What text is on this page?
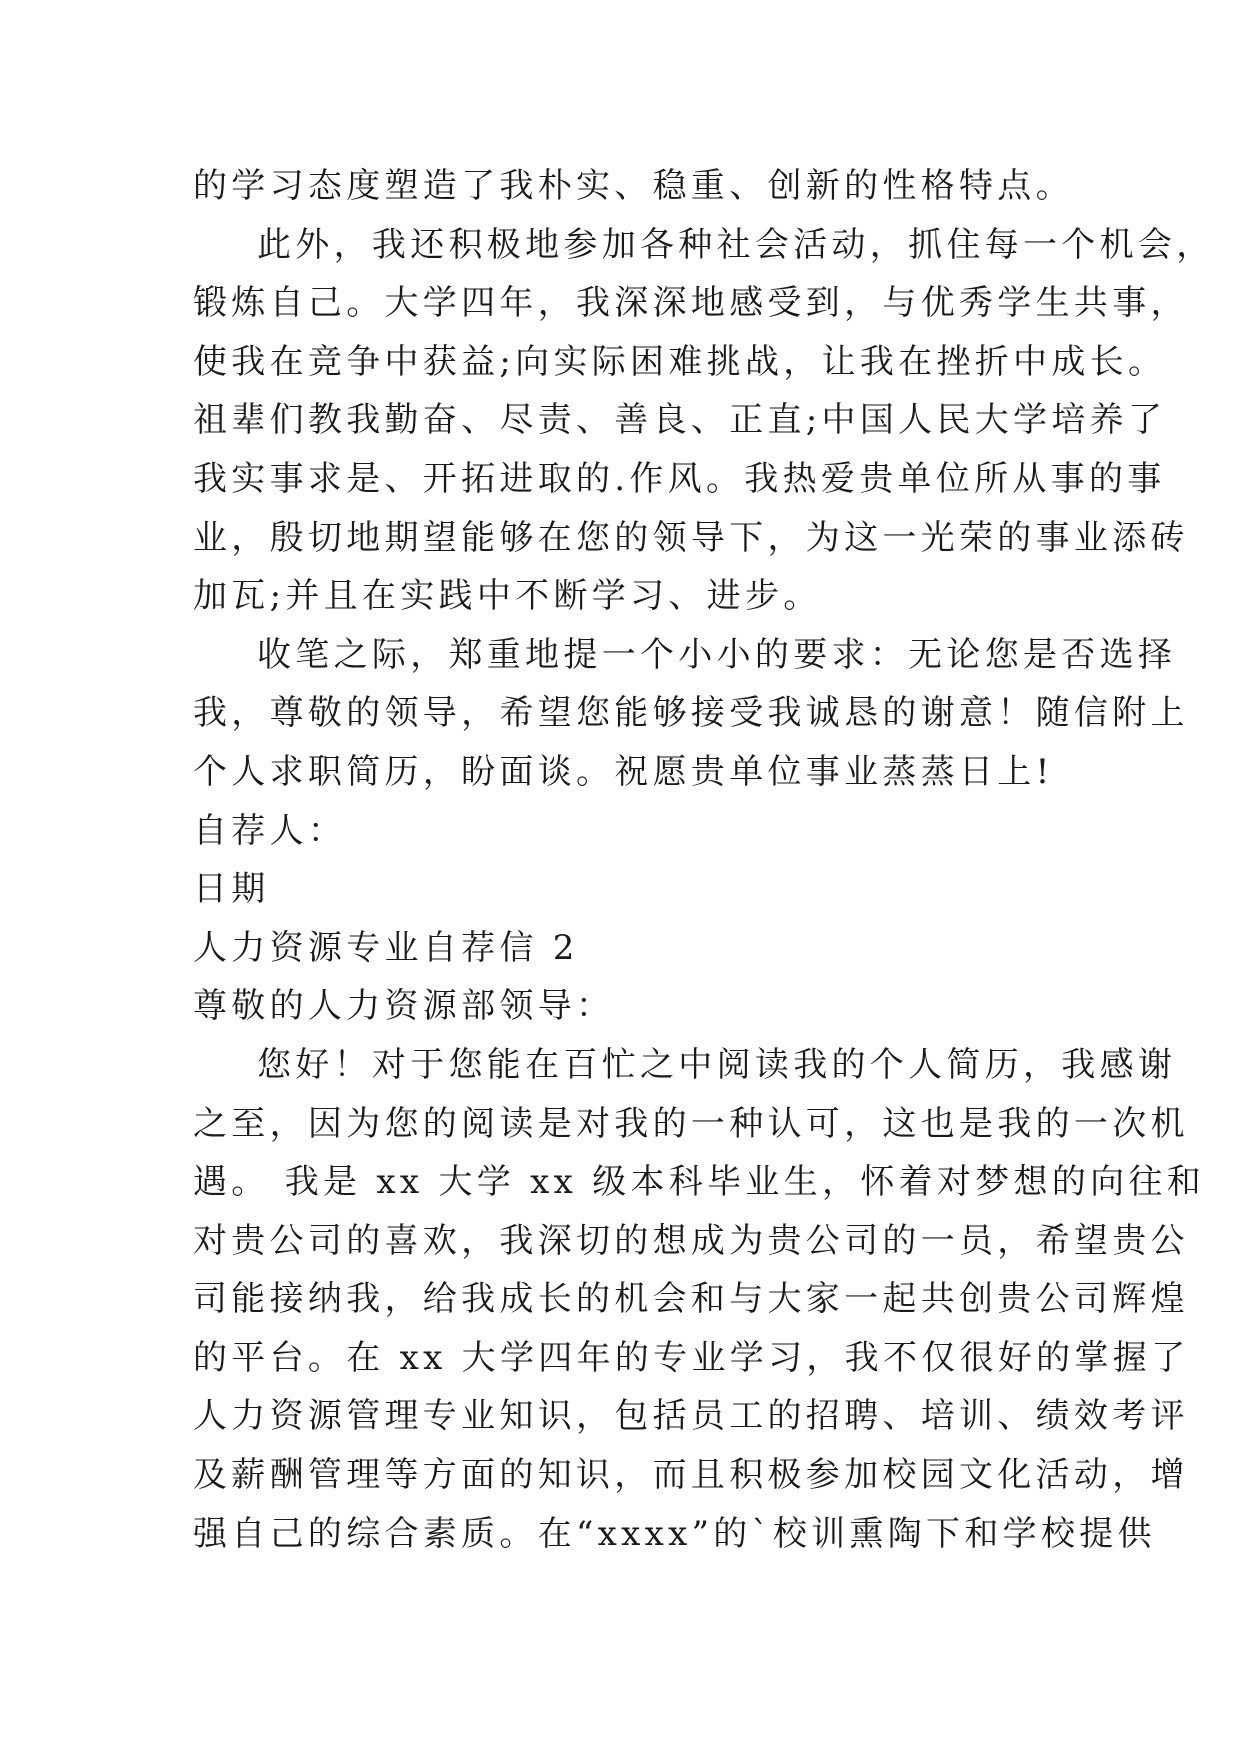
的学习态度塑造了我朴实、稳重、创新的性格特点。
此外，我还积极地参加各种社会活动，抓住每一个机会，
锻炼自己。大学四年，我深深地感受到，与优秀学生共事，
使我在竞争中获益;向实际困难挑战，让我在挫折中成长。
祖辈们教我勤奋、尽责、善良、正直;中国人民大学培养了
我实事求是、开拓进取的.作风。我热爱贵单位所从事的事
业，殷切地期望能够在您的领导下，为这一光荣的事业添砖
加瓦;并且在实践中不断学习、进步。
收笔之际，郑重地提一个小小的要求：无论您是否选择
我，尊敬的领导，希望您能够接受我诚恳的谢意！随信附上
个人求职简历，盼面谈。祝愿贵单位事业蒸蒸日上!
自荐人：
日期
人力资源专业自荐信 2
尊敬的人力资源部领导：
您好！对于您能在百忙之中阅读我的个人简历，我感谢
之至，因为您的阅读是对我的一种认可，这也是我的一次机
遇。 我是 xx 大学 xx 级本科毕业生，怀着对梦想的向往和
对贵公司的喜欢，我深切的想成为贵公司的一员，希望贵公
司能接纳我，给我成长的机会和与大家一起共创贵公司辉煌
的平台。在 xx 大学四年的专业学习，我不仅很好的掌握了
人力资源管理专业知识，包括员工的招聘、培训、绩效考评
及薪酬管理等方面的知识，而且积极参加校园文化活动，增
强自己的综合素质。在“xxxx”的`校训熏陶下和学校提供
